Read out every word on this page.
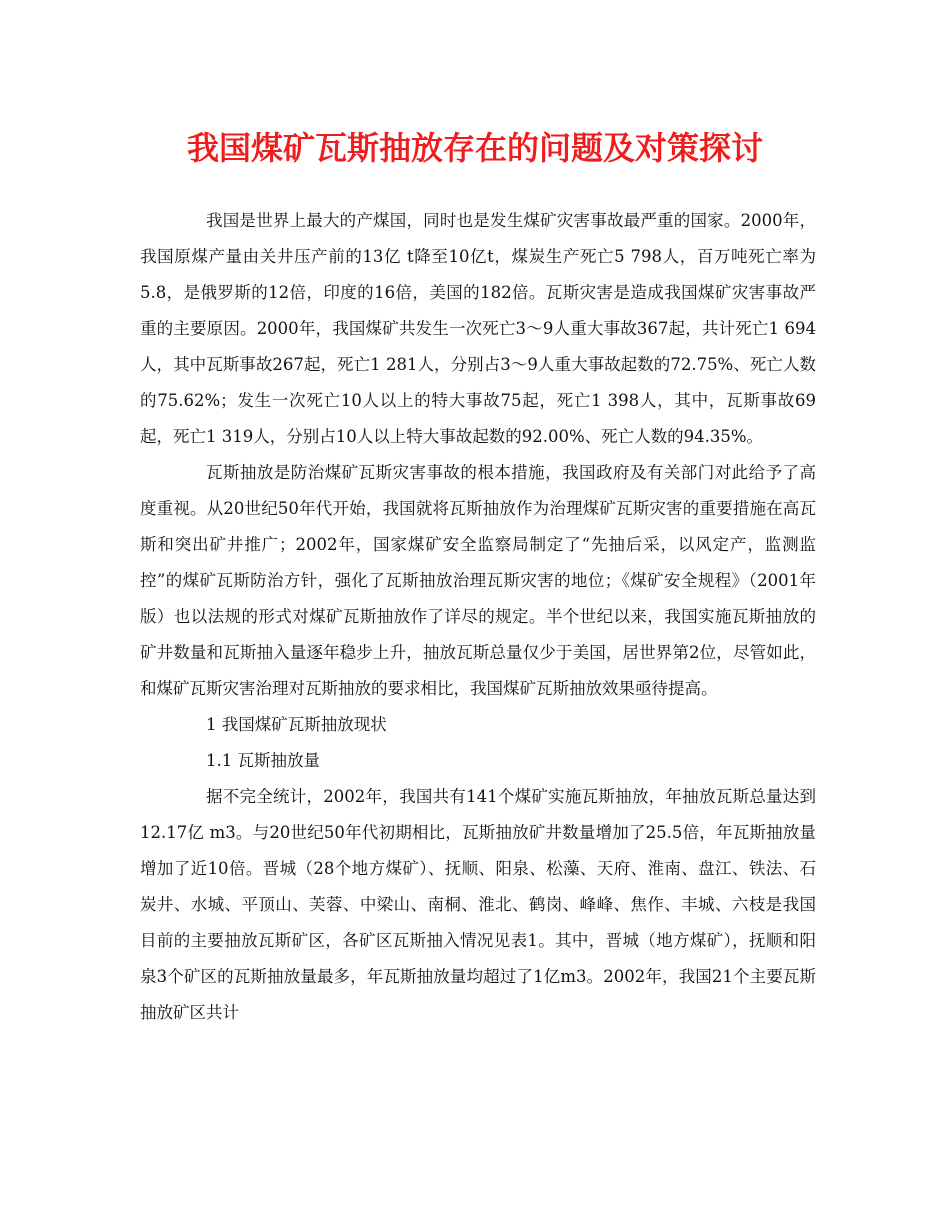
我国煤矿瓦斯抽放存在的问题及对策探讨

我国是世界上最大的产煤国，同时也是发生煤矿灾害事故最严重的国家。2000年，我国原煤产量由关井压产前的13亿 t降至10亿t，煤炭生产死亡5 798人，百万吨死亡率为5.8，是俄罗斯的12倍，印度的16倍，美国的182倍。瓦斯灾害是造成我国煤矿灾害事故严重的主要原因。2000年，我国煤矿共发生一次死亡3～9人重大事故367起，共计死亡1 694人，其中瓦斯事故267起，死亡1 281人，分别占3～9人重大事故起数的72.75%、死亡人数的75.62%；发生一次死亡10人以上的特大事故75起，死亡1 398人，其中，瓦斯事故69起，死亡1 319人，分别占10人以上特大事故起数的92.00%、死亡人数的94.35%。

瓦斯抽放是防治煤矿瓦斯灾害事故的根本措施，我国政府及有关部门对此给予了高度重视。从20世纪50年代开始，我国就将瓦斯抽放作为治理煤矿瓦斯灾害的重要措施在高瓦斯和突出矿井推广；2002年，国家煤矿安全监察局制定了“先抽后采，以风定产，监测监控”的煤矿瓦斯防治方针，强化了瓦斯抽放治理瓦斯灾害的地位；《煤矿安全规程》（2001年版）也以法规的形式对煤矿瓦斯抽放作了详尽的规定。半个世纪以来，我国实施瓦斯抽放的矿井数量和瓦斯抽入量逐年稳步上升，抽放瓦斯总量仅少于美国，居世界第2位，尽管如此，和煤矿瓦斯灾害治理对瓦斯抽放的要求相比，我国煤矿瓦斯抽放效果亟待提高。

1 我国煤矿瓦斯抽放现状

1.1 瓦斯抽放量

据不完全统计，2002年，我国共有141个煤矿实施瓦斯抽放，年抽放瓦斯总量达到12.17亿 m3。与20世纪50年代初期相比，瓦斯抽放矿井数量增加了25.5倍，年瓦斯抽放量增加了近10倍。晋城（28个地方煤矿）、抚顺、阳泉、松藻、天府、淮南、盘江、铁法、石炭井、水城、平顶山、芙蓉、中梁山、南桐、淮北、鹤岗、峰峰、焦作、丰城、六枝是我国目前的主要抽放瓦斯矿区，各矿区瓦斯抽入情况见表1。其中，晋城（地方煤矿），抚顺和阳泉3个矿区的瓦斯抽放量最多，年瓦斯抽放量均超过了1亿m3。2002年，我国21个主要瓦斯抽放矿区共计
